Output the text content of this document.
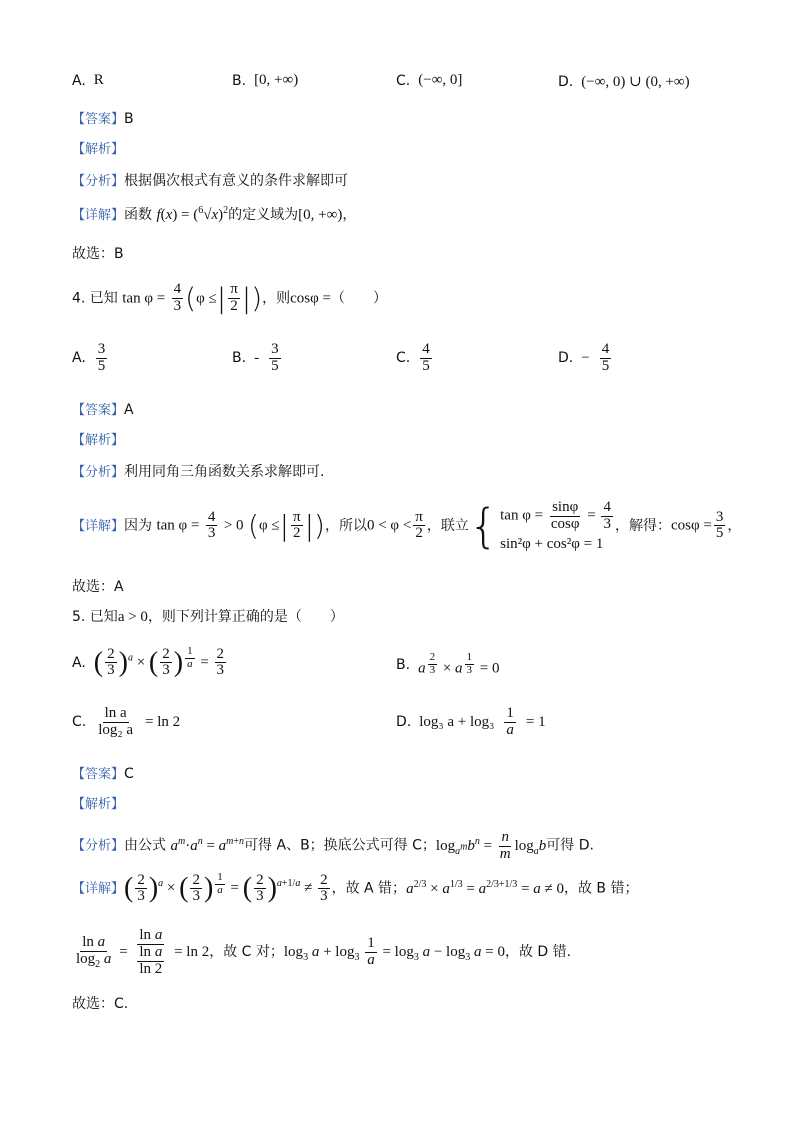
A. R	B. [0, +∞)	C. (−∞, 0]	D. (−∞, 0) ∪ (0, +∞)
【答案】B
【解析】
【分析】根据偶次根式有意义的条件求解即可
【详解】函数 $f(x) = (^6√x)^2$的定义域为[0, +∞)，
故选：B
4. 已知 $\tan \varphi = \frac{4}{3} (\varphi$ ≤| $\frac{\pi}{2}$ |)，则cosφ =（　　）
A. $\frac{3}{5}$	B. - $\frac{3}{5}$	C. $\frac{4}{5}$	D. − $\frac{4}{5}$
【答案】A
【解析】
【分析】利用同角三角函数关系求解即可.
【详解】因为 $\tan \varphi = \frac{4}{3} > 0$ (φ ≤| $\frac{\pi}{2}$ |)，所以$0 < \varphi < \frac{\pi}{2}$ ，联立{ $\tan \varphi = \frac{\sin\varphi}{\cos\varphi} = \frac{4}{3}$
sin²φ + cos²φ = 1
，解得：$\cos\varphi = \frac{3}{5}$ ，
故选：A
5. 已知a > 0，则下列计算正确的是（　　）
A. ( $\frac{2}{3} )^a$ × ( $\frac{2}{3}$ ) $^{\frac{1}{a}} = \frac{2}{3}$	B. a $^{\frac{2}{3}}$ × a $^{\frac{1}{3}}$ = 0
C. $\frac{\text{ln a}}{\text{log₂ a}} = \ln 2$	D. log₃ $a + \log_3 \frac{1}{a} = 1$
【答案】C
【解析】
【分析】由公式 $a^m\cdot a^n = a^{m+n}$可得 A、B；换底公式可得 C；$\log_{a^m}b^n = \frac{n}{m} \log_ab$可得 D.
【详解】( $\frac{2}{3} )^a$ × ( $\frac{2}{3}$ ) $^{\frac{1}{a}}$ = ( $\frac{2}{3} )^{a+1/a} \ne \frac{2}{3}$ ，故 A 错；$a^{2/3} \times a^{1/3} = a^{2/3+1/3} = a \ne 0$，故 B 错；
$\frac{\text{ln a}}{\log_2 a} = \frac{\text{ln a}}{\frac{\text{ln a}}{\ln 2}} = \ln 2$，故 C 对；$\log_3 a + \log_3 \frac{1}{a} = \log_3 a - \log_3 a = 0$，故 D 错.
故选：C.
